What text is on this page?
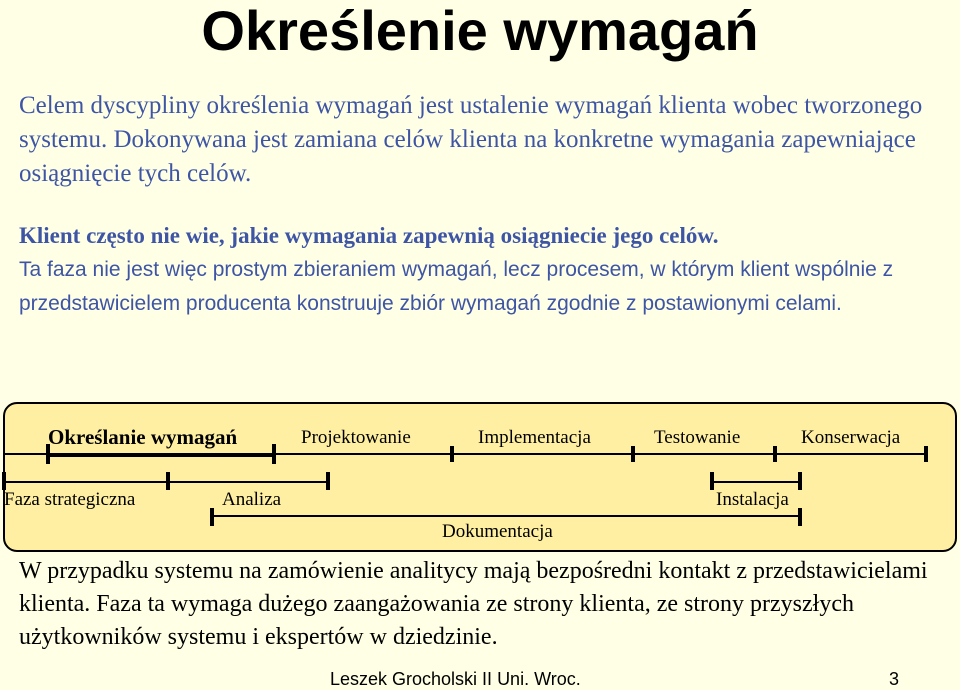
Określenie wymagań
Celem dyscypliny określenia wymagań jest ustalenie wymagań klienta wobec tworzonego systemu. Dokonywana jest zamiana celów klienta na konkretne wymagania zapewniające osiągnięcie tych celów.
Klient często nie wie, jakie wymagania zapewnią osiągniecie jego celów.
Ta faza nie jest więc prostym zbieraniem wymagań, lecz procesem, w którym klient wspólnie z przedstawicielem producenta konstruuje zbiór wymagań zgodnie z postawionymi celami.
Określanie wymagań	Projektowanie	Implementacja	Testowanie	Konserwacja
Faza strategiczna	Analiza	Instalacja
Dokumentacja
W przypadku systemu na zamówienie analitycy mają bezpośredni kontakt z przedstawicielami klienta. Faza ta wymaga dużego zaangażowania ze strony klienta, ze strony przyszłych użytkowników systemu i ekspertów w dziedzinie.
Leszek Grocholski II Uni. Wroc.	3
